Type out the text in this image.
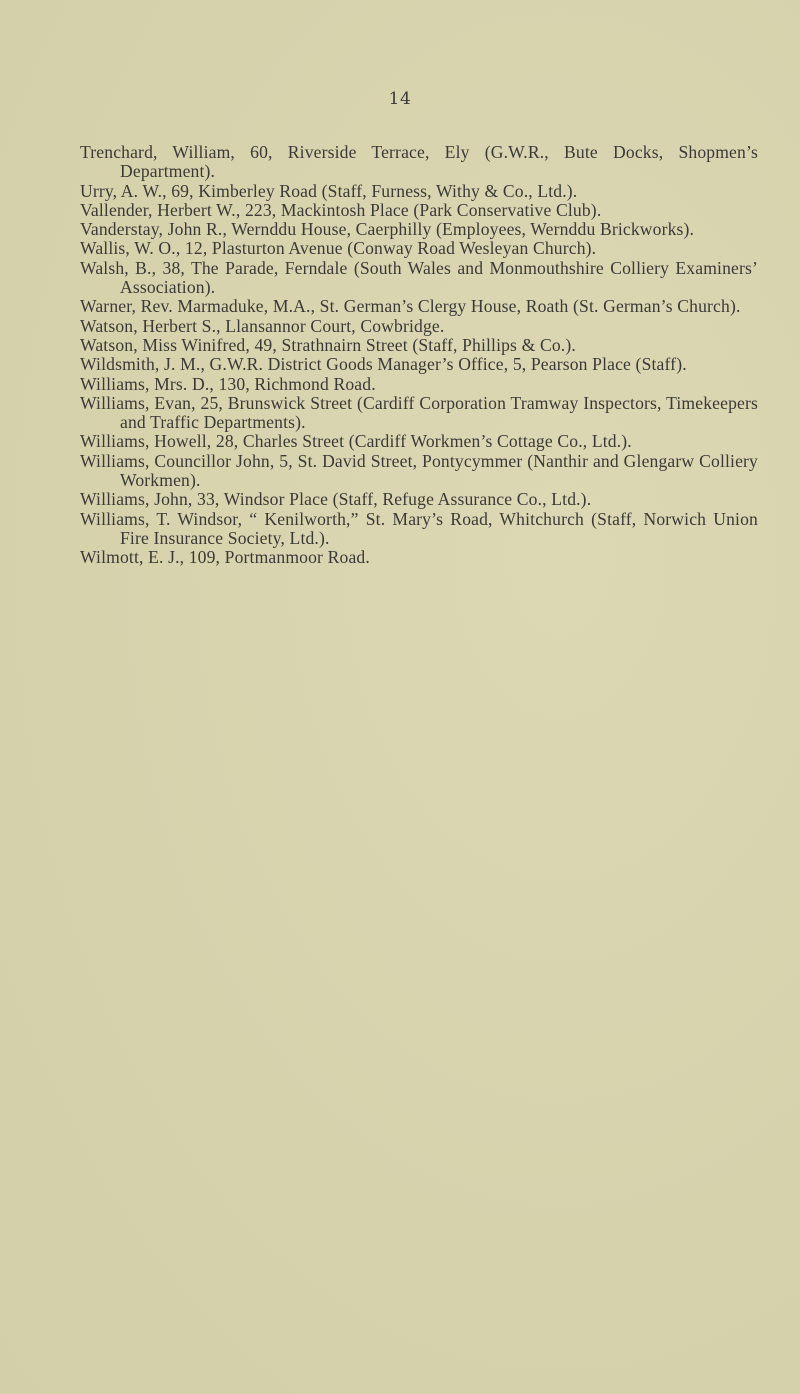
14
Trenchard, William, 60, Riverside Terrace, Ely (G.W.R., Bute Docks, Shopmen’s Department).
Urry, A. W., 69, Kimberley Road (Staff, Furness, Withy & Co., Ltd.).
Vallender, Herbert W., 223, Mackintosh Place (Park Conservative Club).
Vanderstay, John R., Wernddu House, Caerphilly (Employees, Wernddu Brickworks).
Wallis, W. O., 12, Plasturton Avenue (Conway Road Wesleyan Church).
Walsh, B., 38, The Parade, Ferndale (South Wales and Monmouthshire Colliery Examiners’ Association).
Warner, Rev. Marmaduke, M.A., St. German’s Clergy House, Roath (St. German’s Church).
Watson, Herbert S., Llansannor Court, Cowbridge.
Watson, Miss Winifred, 49, Strathnairn Street (Staff, Phillips & Co.).
Wildsmith, J. M., G.W.R. District Goods Manager’s Office, 5, Pearson Place (Staff).
Williams, Mrs. D., 130, Richmond Road.
Williams, Evan, 25, Brunswick Street (Cardiff Corporation Tramway Inspectors, Timekeepers and Traffic Departments).
Williams, Howell, 28, Charles Street (Cardiff Workmen’s Cottage Co., Ltd.).
Williams, Councillor John, 5, St. David Street, Pontycymmer (Nanthir and Glengarw Colliery Workmen).
Williams, John, 33, Windsor Place (Staff, Refuge Assurance Co., Ltd.).
Williams, T. Windsor, “ Kenilworth,” St. Mary’s Road, Whitchurch (Staff, Norwich Union Fire Insurance Society, Ltd.).
Wilmott, E. J., 109, Portmanmoor Road.
